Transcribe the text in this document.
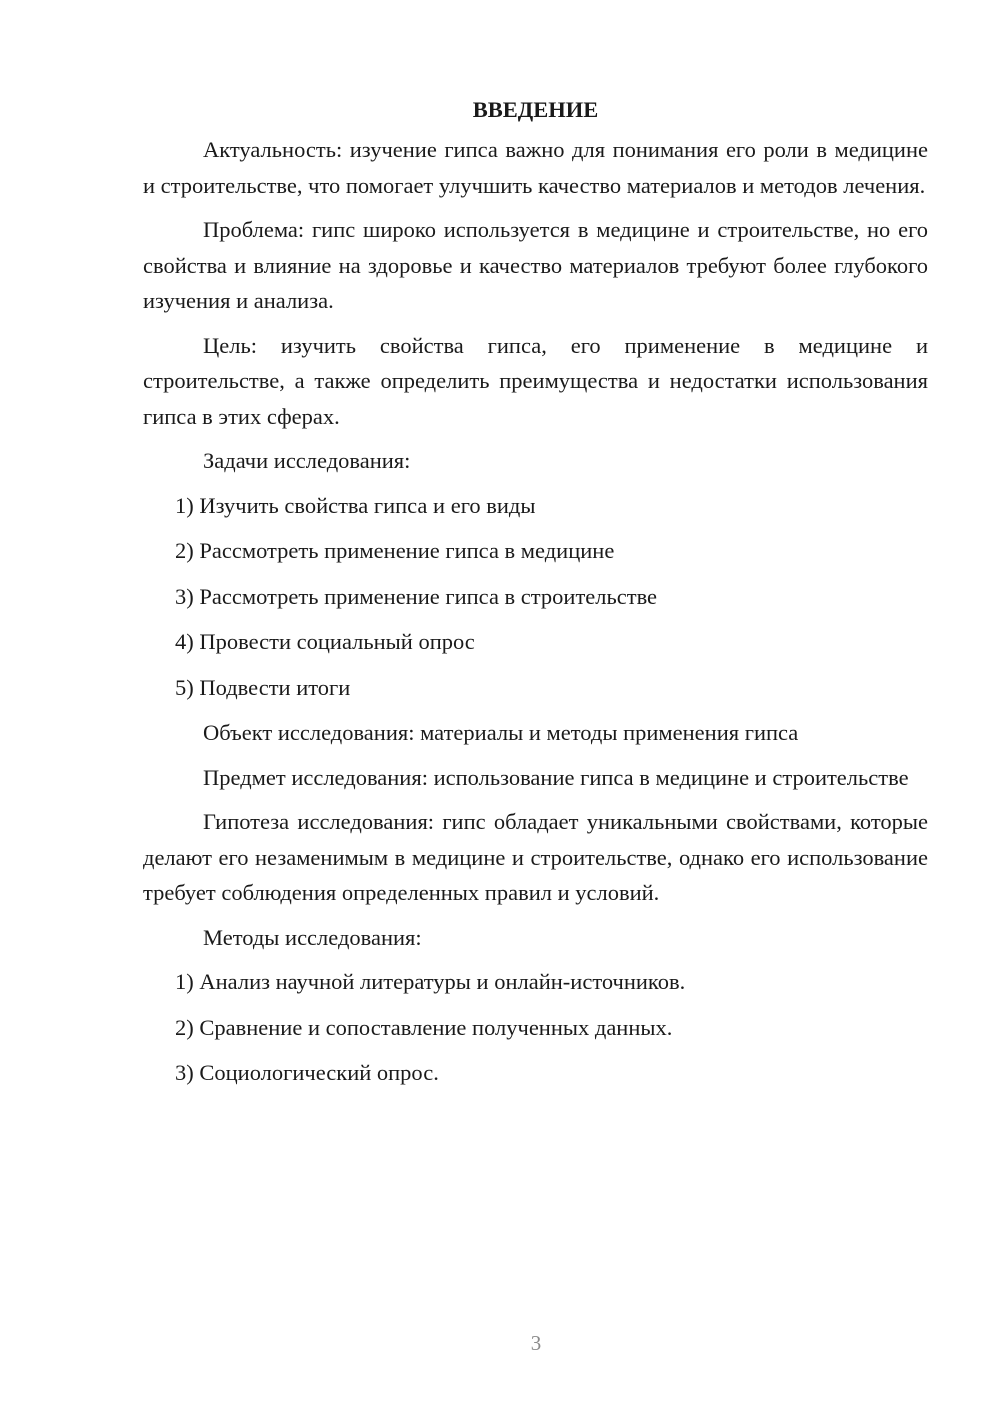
ВВЕДЕНИЕ

Актуальность: изучение гипса важно для понимания его роли в медицине и строительстве, что помогает улучшить качество материалов и методов лечения.

Проблема: гипс широко используется в медицине и строительстве, но его свойства и влияние на здоровье и качество материалов требуют более глубокого изучения и анализа.

Цель: изучить свойства гипса, его применение в медицине и строительстве, а также определить преимущества и недостатки использования гипса в этих сферах.

Задачи исследования:

1) Изучить свойства гипса и его виды
2) Рассмотреть применение гипса в медицине
3) Рассмотреть применение гипса в строительстве
4) Провести социальный опрос
5) Подвести итоги

Объект исследования: материалы и методы применения гипса

Предмет исследования: использование гипса в медицине и строительстве

Гипотеза исследования: гипс обладает уникальными свойствами, которые делают его незаменимым в медицине и строительстве, однако его использование требует соблюдения определенных правил и условий.

Методы исследования:

1) Анализ научной литературы и онлайн-источников.
2) Сравнение и сопоставление полученных данных.
3) Социологический опрос.
3
